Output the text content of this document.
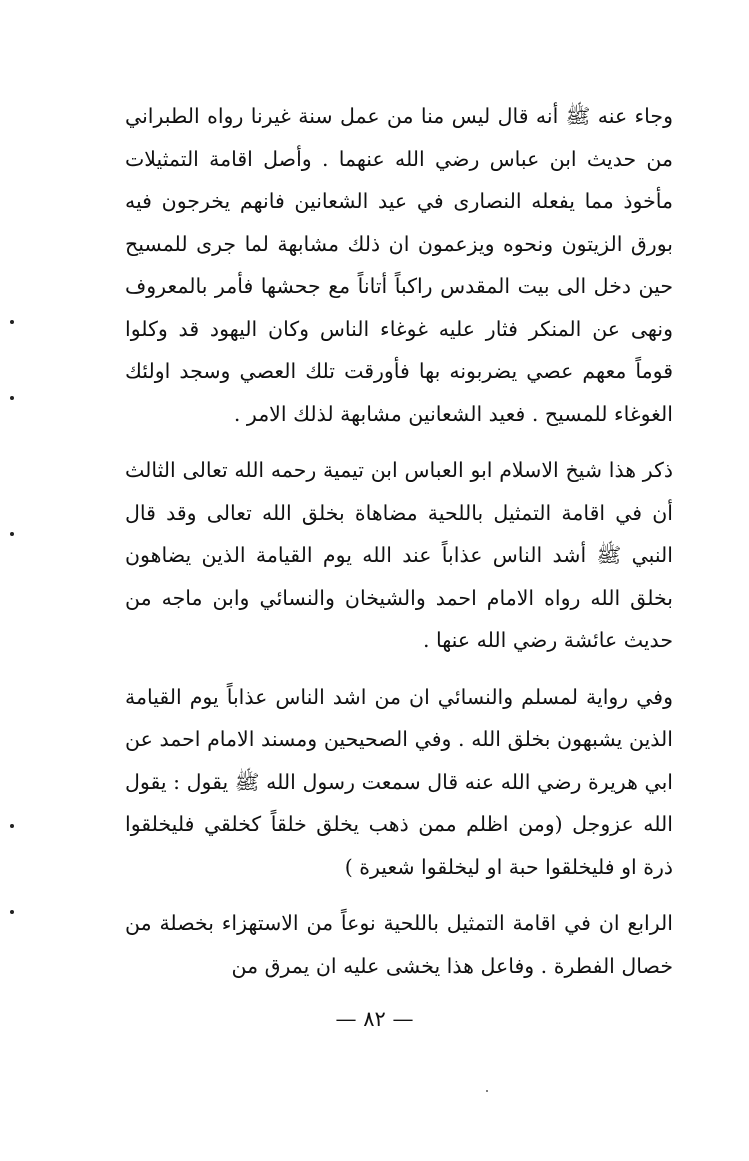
وجاء عنه ﷺ أنه قال ليس منا من عمل سنة غيرنا رواه الطبراني من حديث ابن عباس رضي الله عنهما . وأصل اقامة التمثيلات مأخوذ مما يفعله النصارى في عيد الشعانين فانهم يخرجون فيه بورق الزيتون ونحوه ويزعمون ان ذلك مشابهة لما جرى للمسيح حين دخل الى بيت المقدس راكباً أتاناً مع جحشها فأمر بالمعروف ونهى عن المنكر فثار عليه غوغاء الناس وكان اليهود قد وكلوا قوماً معهم عصي يضربونه بها فأورقت تلك العصي وسجد اولئك الغوغاء للمسيح . فعيد الشعانين مشابهة لذلك الامر .

ذكر هذا شيخ الاسلام ابو العباس ابن تيمية رحمه الله تعالى الثالث أن في اقامة التمثيل باللحية مضاهاة بخلق الله تعالى وقد قال النبي ﷺ أشد الناس عذاباً عند الله يوم القيامة الذين يضاهون بخلق الله رواه الامام احمد والشيخان والنسائي وابن ماجه من حديث عائشة رضي الله عنها .

وفي رواية لمسلم والنسائي ان من اشد الناس عذاباً يوم القيامة الذين يشبهون بخلق الله . وفي الصحيحين ومسند الامام احمد عن ابي هريرة رضي الله عنه قال سمعت رسول الله ﷺ يقول : يقول الله عزوجل (ومن اظلم ممن ذهب يخلق خلقاً كخلقي فليخلقوا ذرة او فليخلقوا حبة او ليخلقوا شعيرة )

الرابع ان في اقامة التمثيل باللحية نوعاً من الاستهزاء بخصلة من خصال الفطرة . وفاعل هذا يخشى عليه ان يمرق من

— ٨٢ —
